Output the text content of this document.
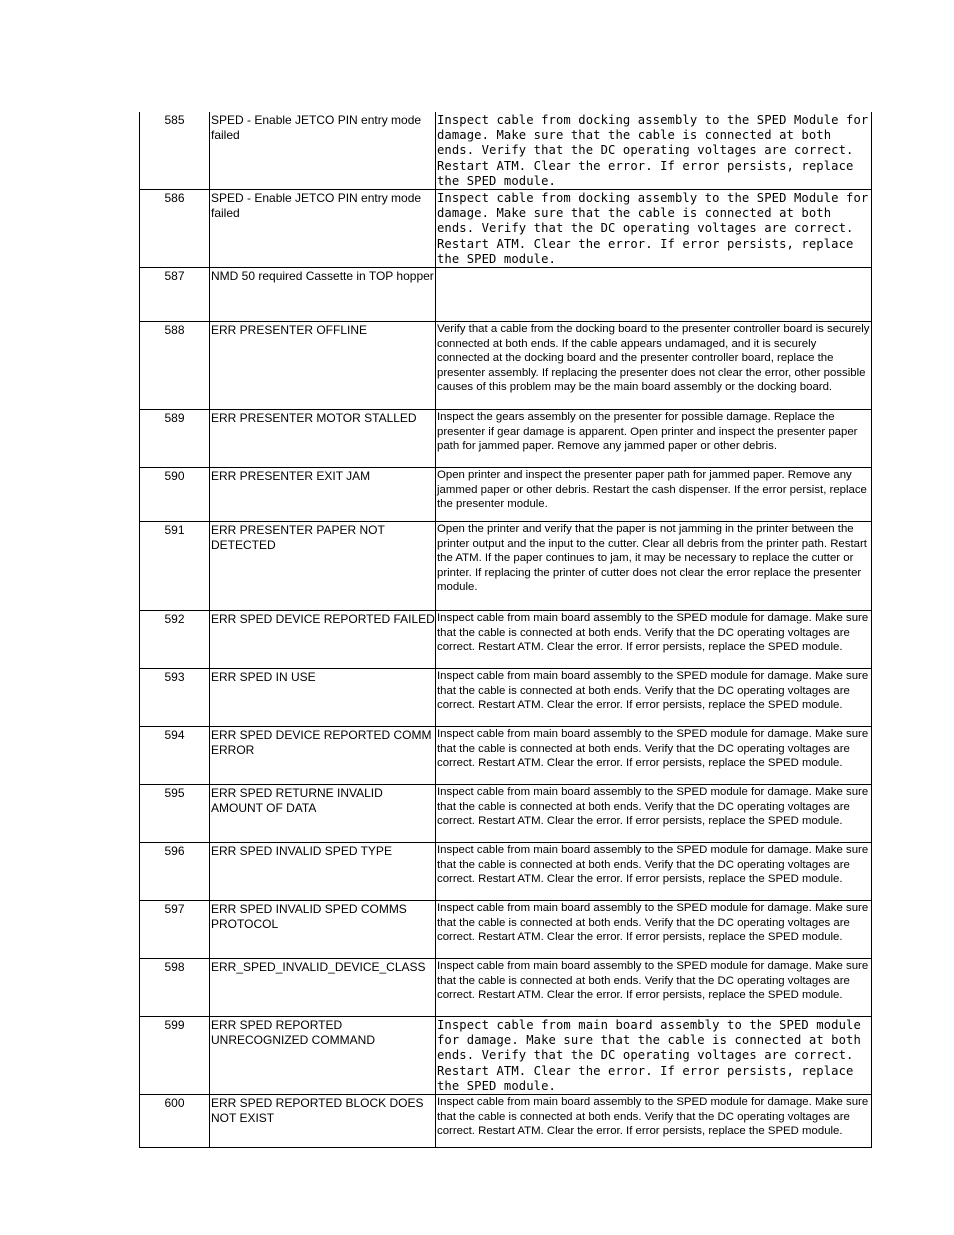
585	SPED - Enable JETCO PIN entry mode failed	Inspect cable from docking assembly to the SPED Module for damage. Make sure that the cable is connected at both ends. Verify that the DC operating voltages are correct. Restart ATM. Clear the error. If error persists, replace the SPED module.

586	SPED - Enable JETCO PIN entry mode failed	Inspect cable from docking assembly to the SPED Module for damage. Make sure that the cable is connected at both ends. Verify that the DC operating voltages are correct. Restart ATM. Clear the error. If error persists, replace the SPED module.

587	NMD 50 required Cassette in TOP hopper	

588	ERR PRESENTER OFFLINE	Verify that a cable from the docking board to the presenter controller board is securely connected at both ends. If the cable appears undamaged, and it is securely connected at the docking board and the presenter controller board, replace the presenter assembly. If replacing the presenter does not clear the error, other possible causes of this problem may be the main board assembly or the docking board.

589	ERR PRESENTER MOTOR STALLED	Inspect the gears assembly on the presenter for possible damage. Replace the presenter if gear damage is apparent. Open printer and inspect the presenter paper path for jammed paper. Remove any jammed paper or other debris.

590	ERR PRESENTER EXIT JAM	Open printer and inspect the presenter paper path for jammed paper. Remove any jammed paper or other debris. Restart the cash dispenser. If the error persist, replace the presenter module.

591	ERR PRESENTER PAPER NOT DETECTED	Open the printer and verify that the paper is not jamming in the printer between the printer output and the input to the cutter. Clear all debris from the printer path. Restart the ATM. If the paper continues to jam, it may be necessary to replace the cutter or printer. If replacing the printer of cutter does not clear the error replace the presenter module.

592	ERR SPED DEVICE REPORTED FAILED	Inspect cable from main board assembly to the SPED module for damage. Make sure that the cable is connected at both ends. Verify that the DC operating voltages are correct. Restart ATM. Clear the error. If error persists, replace the SPED module.

593	ERR SPED IN USE	Inspect cable from main board assembly to the SPED module for damage. Make sure that the cable is connected at both ends. Verify that the DC operating voltages are correct. Restart ATM. Clear the error. If error persists, replace the SPED module.

594	ERR SPED DEVICE REPORTED COMM ERROR	Inspect cable from main board assembly to the SPED module for damage. Make sure that the cable is connected at both ends. Verify that the DC operating voltages are correct. Restart ATM. Clear the error. If error persists, replace the SPED module.

595	ERR SPED RETURNE INVALID AMOUNT OF DATA	Inspect cable from main board assembly to the SPED module for damage. Make sure that the cable is connected at both ends. Verify that the DC operating voltages are correct. Restart ATM. Clear the error. If error persists, replace the SPED module.

596	ERR SPED INVALID SPED TYPE	Inspect cable from main board assembly to the SPED module for damage. Make sure that the cable is connected at both ends. Verify that the DC operating voltages are correct. Restart ATM. Clear the error. If error persists, replace the SPED module.

597	ERR SPED INVALID SPED COMMS PROTOCOL	Inspect cable from main board assembly to the SPED module for damage. Make sure that the cable is connected at both ends. Verify that the DC operating voltages are correct. Restart ATM. Clear the error. If error persists, replace the SPED module.

598	ERR_SPED_INVALID_DEVICE_CLASS	Inspect cable from main board assembly to the SPED module for damage. Make sure that the cable is connected at both ends. Verify that the DC operating voltages are correct. Restart ATM. Clear the error. If error persists, replace the SPED module.

599	ERR SPED REPORTED UNRECOGNIZED COMMAND	Inspect cable from main board assembly to the SPED module for damage. Make sure that the cable is connected at both ends. Verify that the DC operating voltages are correct. Restart ATM. Clear the error. If error persists, replace the SPED module.

600	ERR SPED REPORTED BLOCK DOES NOT EXIST	Inspect cable from main board assembly to the SPED module for damage. Make sure that the cable is connected at both ends. Verify that the DC operating voltages are correct. Restart ATM. Clear the error. If error persists, replace the SPED module.
